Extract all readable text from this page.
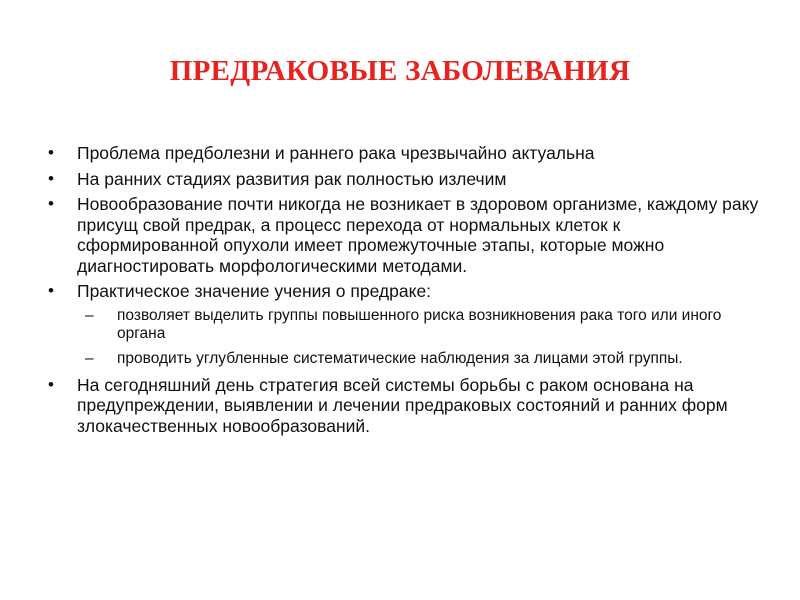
ПРЕДРАКОВЫЕ ЗАБОЛЕВАНИЯ
• Проблема предболезни и раннего рака чрезвычайно актуальна
• На ранних стадиях развития рак полностью излечим
• Новообразование почти никогда не возникает в здоровом организме, каждому раку присущ свой предрак, а процесс перехода от нормальных клеток к сформированной опухоли имеет промежуточные этапы, которые можно диагностировать морфологическими методами.
• Практическое значение учения о предраке:
– позволяет выделить группы повышенного риска возникновения рака того или иного органа
– проводить углубленные систематические наблюдения за лицами этой группы.
• На сегодняшний день стратегия всей системы борьбы с раком основана на предупреждении, выявлении и лечении предраковых состояний и ранних форм злокачественных новообразований.
